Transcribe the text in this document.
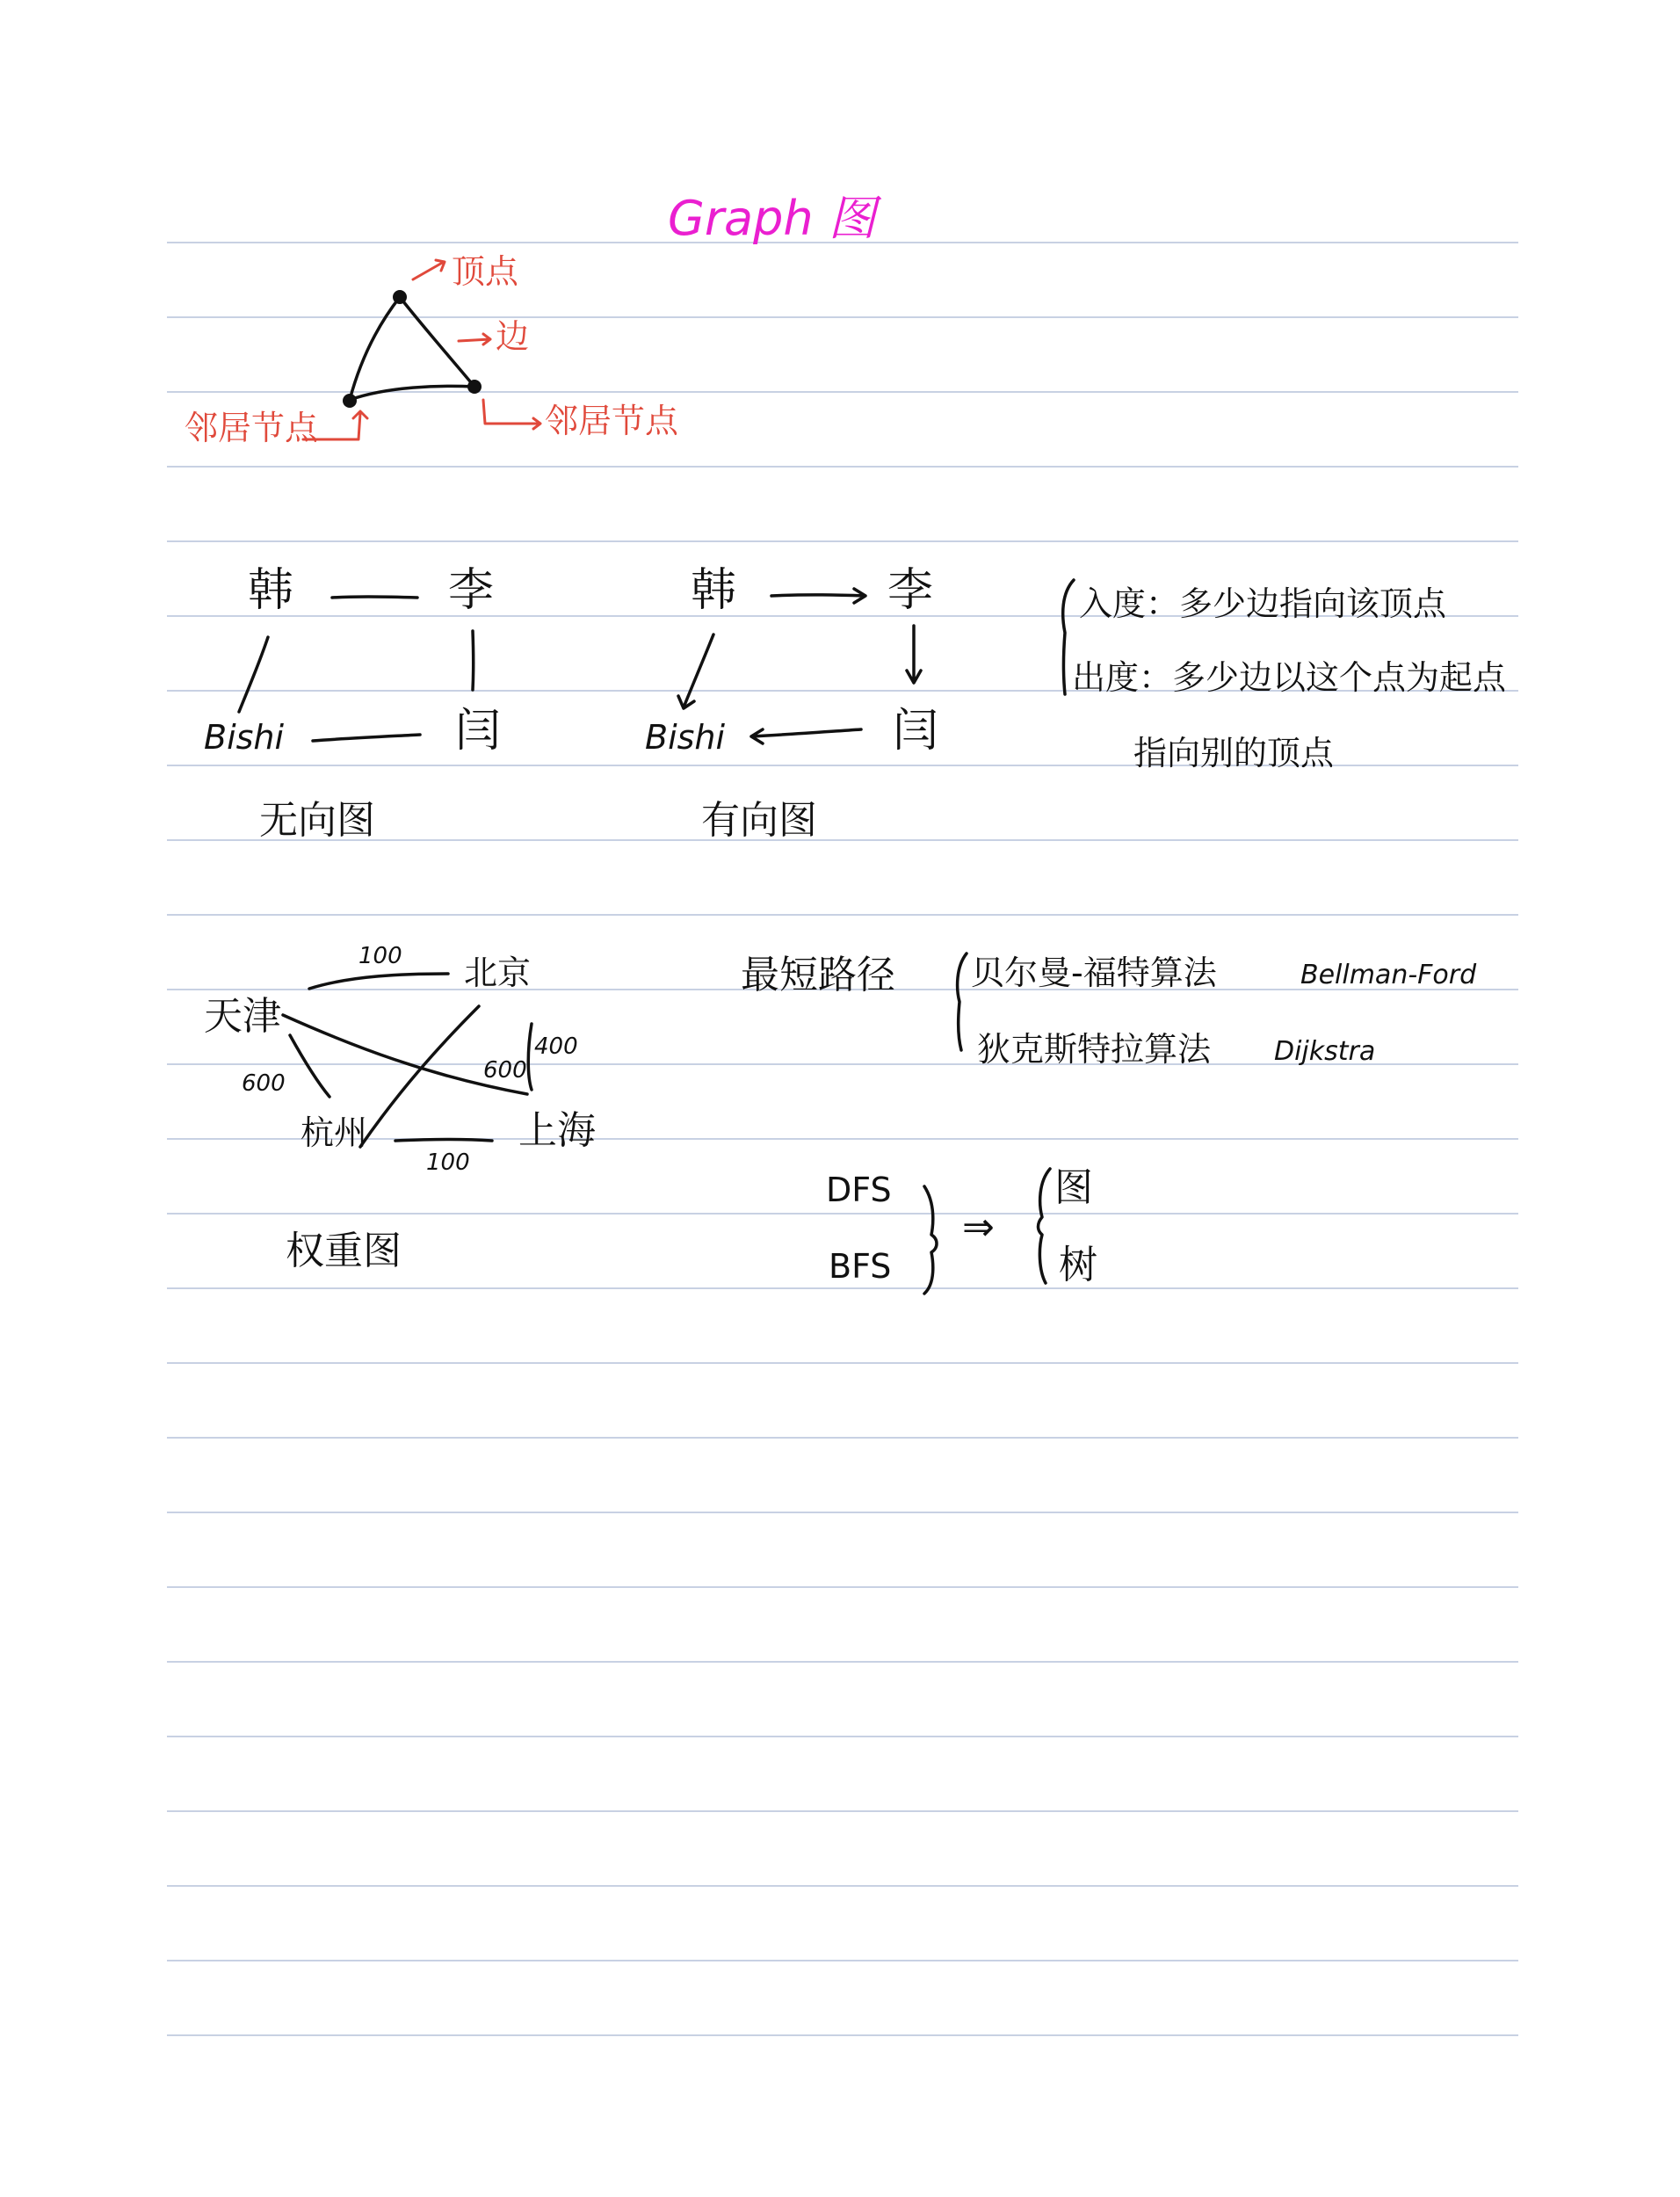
Graph 图
顶点
边
邻居节点	邻居节点
韩	李
Bishi	闫
无向图
韩	李
Bishi	闫
有向图
入度：多少边指向该顶点
出度：多少边以这个点为起点
指向别的顶点
天津
北京
杭州	上海
100
600	600
400
100
权重图
最短路径 贝尔曼-福特算法	Bellman-Ford
狄克斯特拉算法 Dijkstra
DFS
BFS
⇒
图
树
